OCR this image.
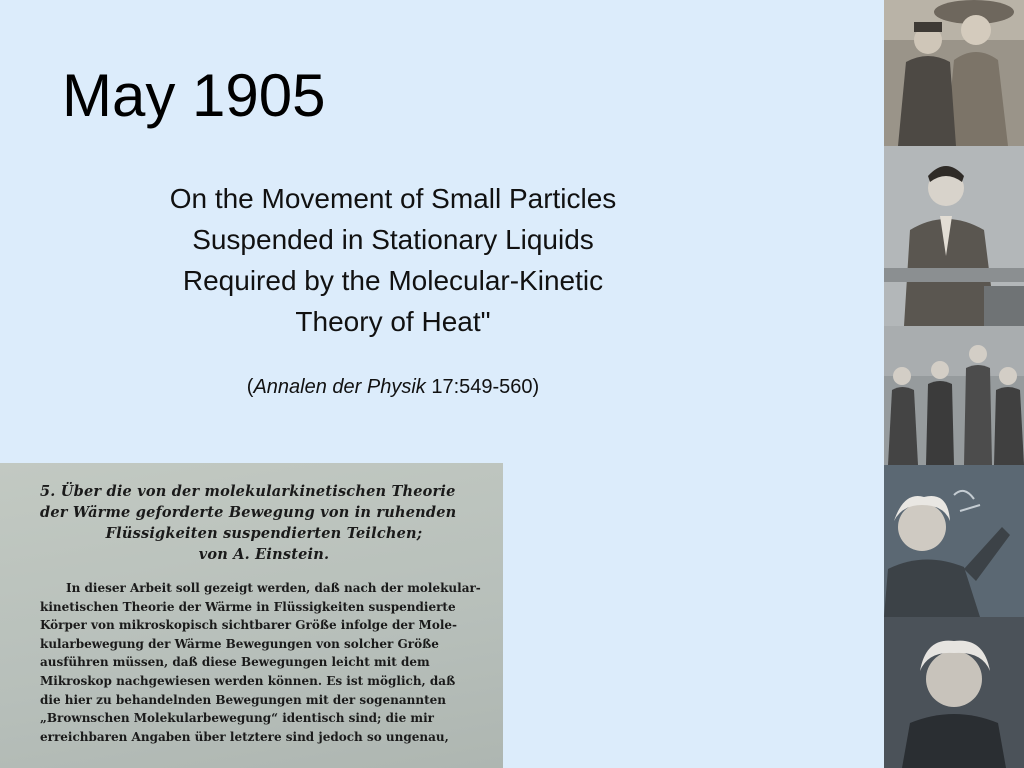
May 1905
On the Movement of Small Particles
Suspended in Stationary Liquids
Required by the Molecular-Kinetic
Theory of Heat"
(Annalen der Physik 17:549-560)
5. Über die von der molekularkinetischen Theorie
der Wärme geforderte Bewegung von in ruhenden
Flüssigkeiten suspendierten Teilchen;
von A. Einstein.
In dieser Arbeit soll gezeigt werden, daß nach der molekular-
kinetischen Theorie der Wärme in Flüssigkeiten suspendierte
Körper von mikroskopisch sichtbarer Größe infolge der Mole-
kularbewegung der Wärme Bewegungen von solcher Größe
ausführen müssen, daß diese Bewegungen leicht mit dem
Mikroskop nachgewiesen werden können. Es ist möglich, daß
die hier zu behandelnden Bewegungen mit der sogenannten
„Brownschen Molekularbewegung“ identisch sind; die mir
erreichbaren Angaben über letztere sind jedoch so ungenau,
